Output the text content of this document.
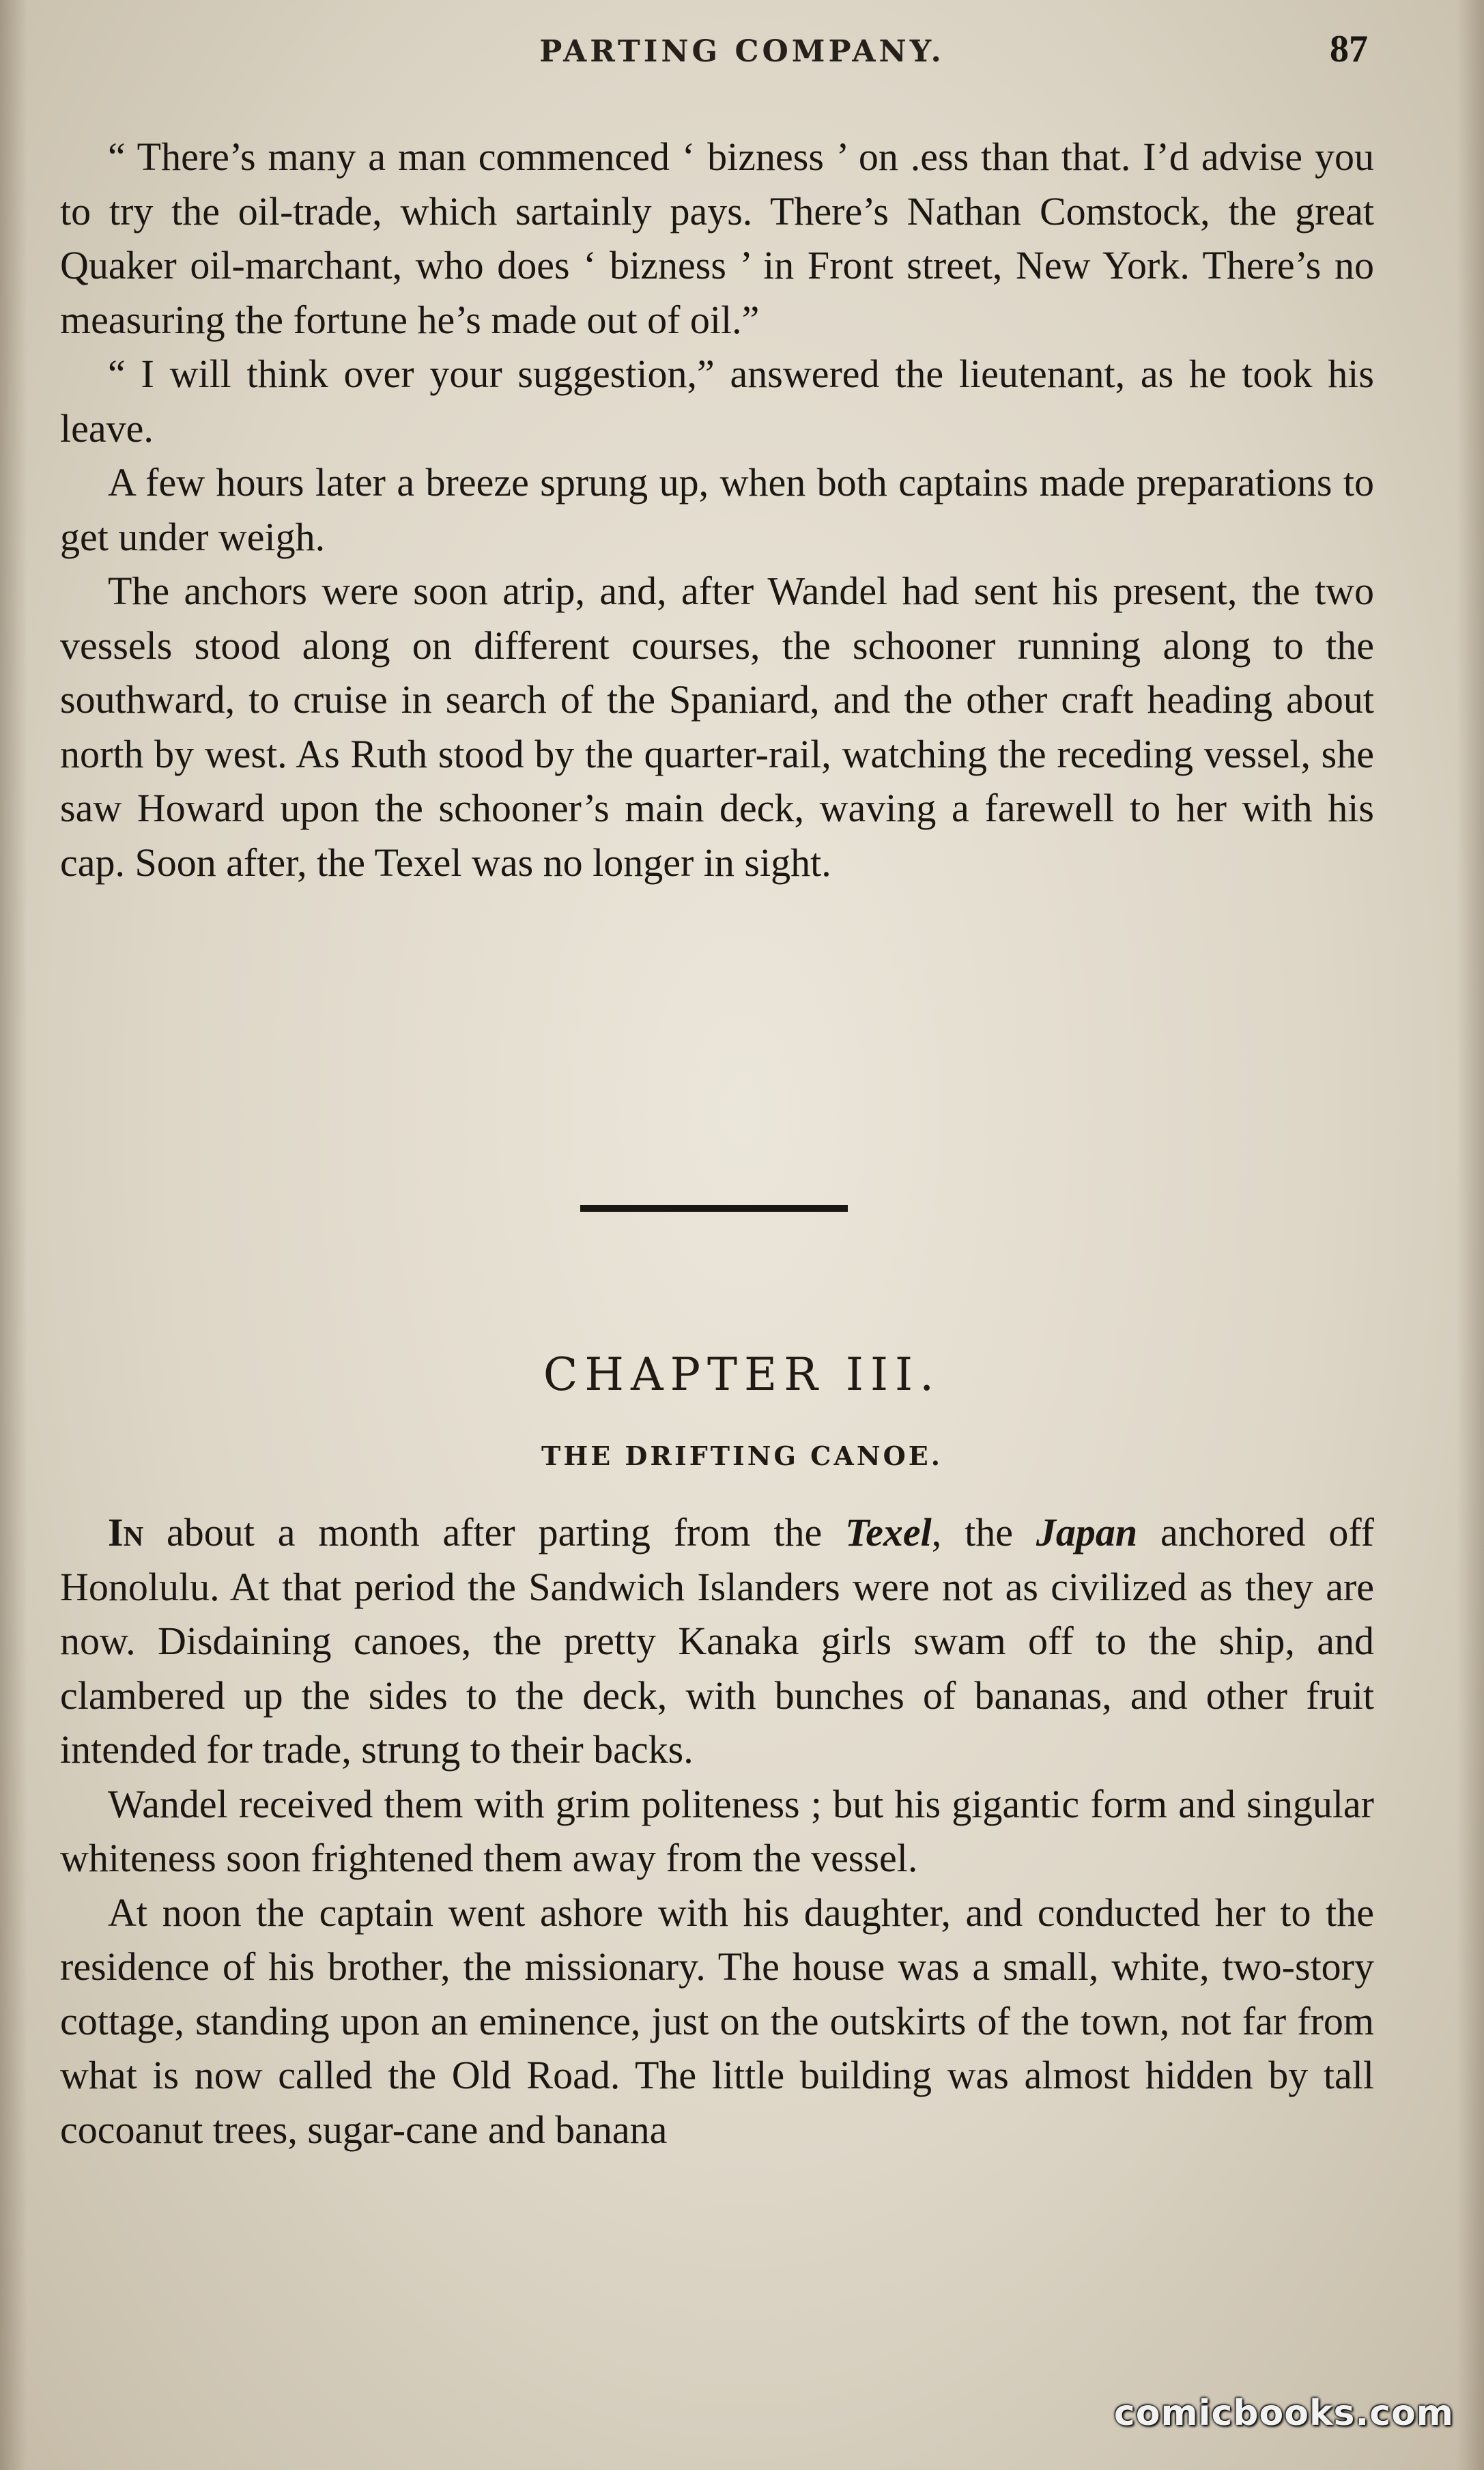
PARTING COMPANY.	87

“ There’s many a man commenced ‘ bizness ’ on .ess than that. I’d advise you to try the oil-trade, which sartainly pays. There’s Nathan Comstock, the great Quaker oil-marchant, who does ‘ bizness ’ in Front street, New York. There’s no measuring the fortune he’s made out of oil.”

“ I will think over your suggestion,” answered the lieutenant, as he took his leave.

A few hours later a breeze sprung up, when both captains made preparations to get under weigh.

The anchors were soon atrip, and, after Wandel had sent his present, the two vessels stood along on different courses, the schooner running along to the southward, to cruise in search of the Spaniard, and the other craft heading about north by west. As Ruth stood by the quarter-rail, watching the receding vessel, she saw Howard upon the schooner’s main deck, waving a farewell to her with his cap. Soon after, the Texel was no longer in sight.

CHAPTER III.
THE DRIFTING CANOE.

In about a month after parting from the Texel, the Japan anchored off Honolulu. At that period the Sandwich Islanders were not as civilized as they are now. Disdaining canoes, the pretty Kanaka girls swam off to the ship, and clambered up the sides to the deck, with bunches of bananas, and other fruit intended for trade, strung to their backs.

Wandel received them with grim politeness ; but his gigantic form and singular whiteness soon frightened them away from the vessel.

At noon the captain went ashore with his daughter, and conducted her to the residence of his brother, the missionary. The house was a small, white, two-story cottage, standing upon an eminence, just on the outskirts of the town, not far from what is now called the Old Road. The little building was almost hidden by tall cocoanut trees, sugar-cane and banana

comicbooks.com
